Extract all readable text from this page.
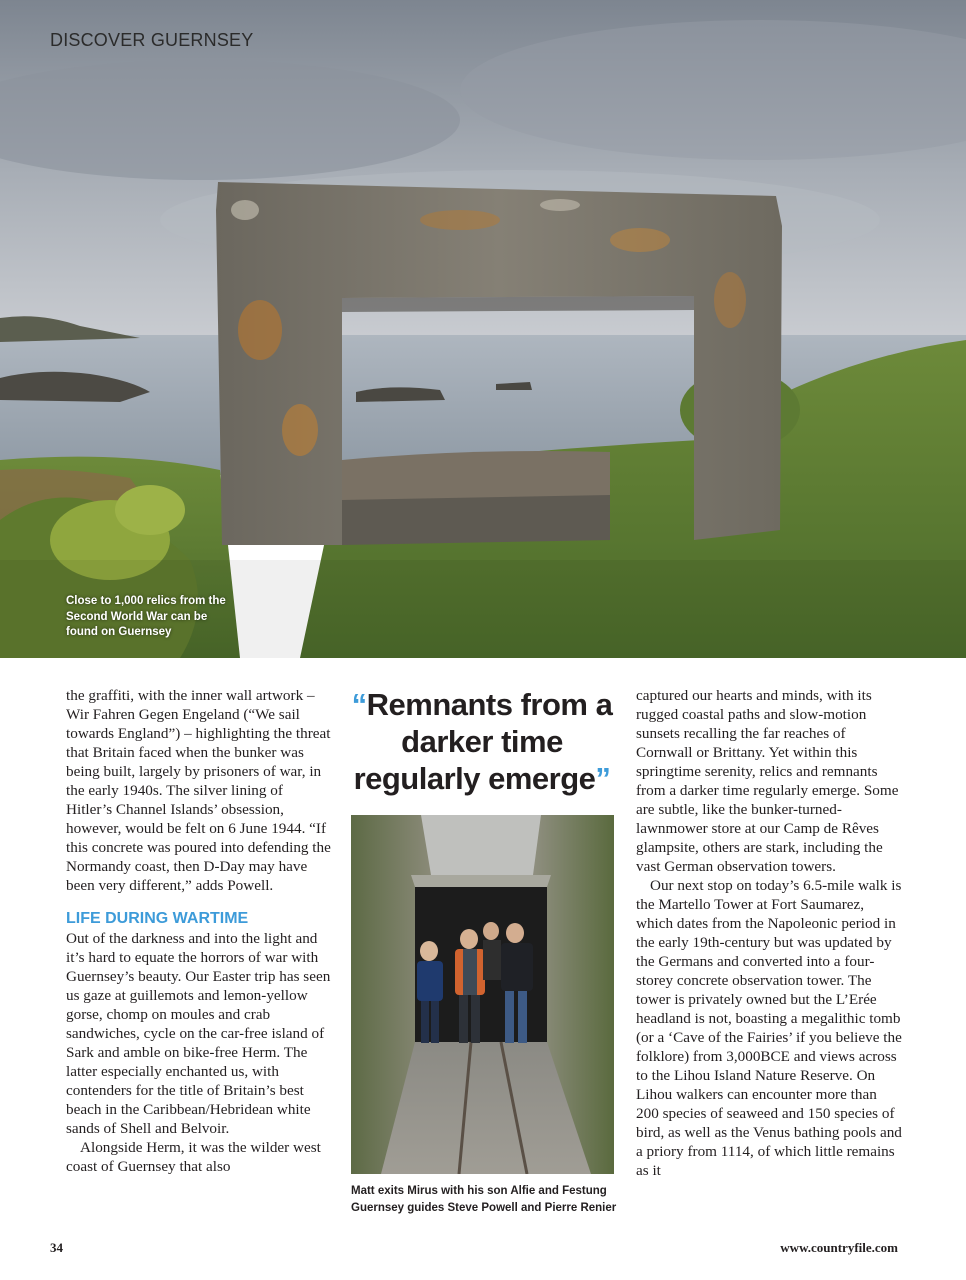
DISCOVER GUERNSEY
Close to 1,000 relics from the Second World War can be found on Guernsey

the graffiti, with the inner wall artwork – Wir Fahren Gegen Engeland (“We sail towards England”) – highlighting the threat that Britain faced when the bunker was being built, largely by prisoners of war, in the early 1940s. The silver lining of Hitler’s Channel Islands’ obsession, however, would be felt on 6 June 1944. “If this concrete was poured into defending the Normandy coast, then D-Day may have been very different,” adds Powell.

LIFE DURING WARTIME

Out of the darkness and into the light and it’s hard to equate the horrors of war with Guernsey’s beauty. Our Easter trip has seen us gaze at guillemots and lemon-yellow gorse, chomp on moules and crab sandwiches, cycle on the car-free island of Sark and amble on bike-free Herm. The latter especially enchanted us, with contenders for the title of Britain’s best beach in the Caribbean/Hebridean white sands of Shell and Belvoir.

Alongside Herm, it was the wilder west coast of Guernsey that also

“Remnants from a darker time regularly emerge”
Matt exits Mirus with his son Alfie and Festung Guernsey guides Steve Powell and Pierre Renier

captured our hearts and minds, with its rugged coastal paths and slow-motion sunsets recalling the far reaches of Cornwall or Brittany. Yet within this springtime serenity, relics and remnants from a darker time regularly emerge. Some are subtle, like the bunker-turned-lawnmower store at our Camp de Rêves glampsite, others are stark, including the vast German observation towers.

Our next stop on today’s 6.5-mile walk is the Martello Tower at Fort Saumarez, which dates from the Napoleonic period in the early 19th-century but was updated by the Germans and converted into a four-storey concrete observation tower. The tower is privately owned but the L’Erée headland is not, boasting a megalithic tomb (or a ‘Cave of the Fairies’ if you believe the folklore) from 3,000BCE and views across to the Lihou Island Nature Reserve. On Lihou walkers can encounter more than 200 species of seaweed and 150 species of bird, as well as the Venus bathing pools and a priory from 1114, of which little remains as it

34	www.countryfile.com
